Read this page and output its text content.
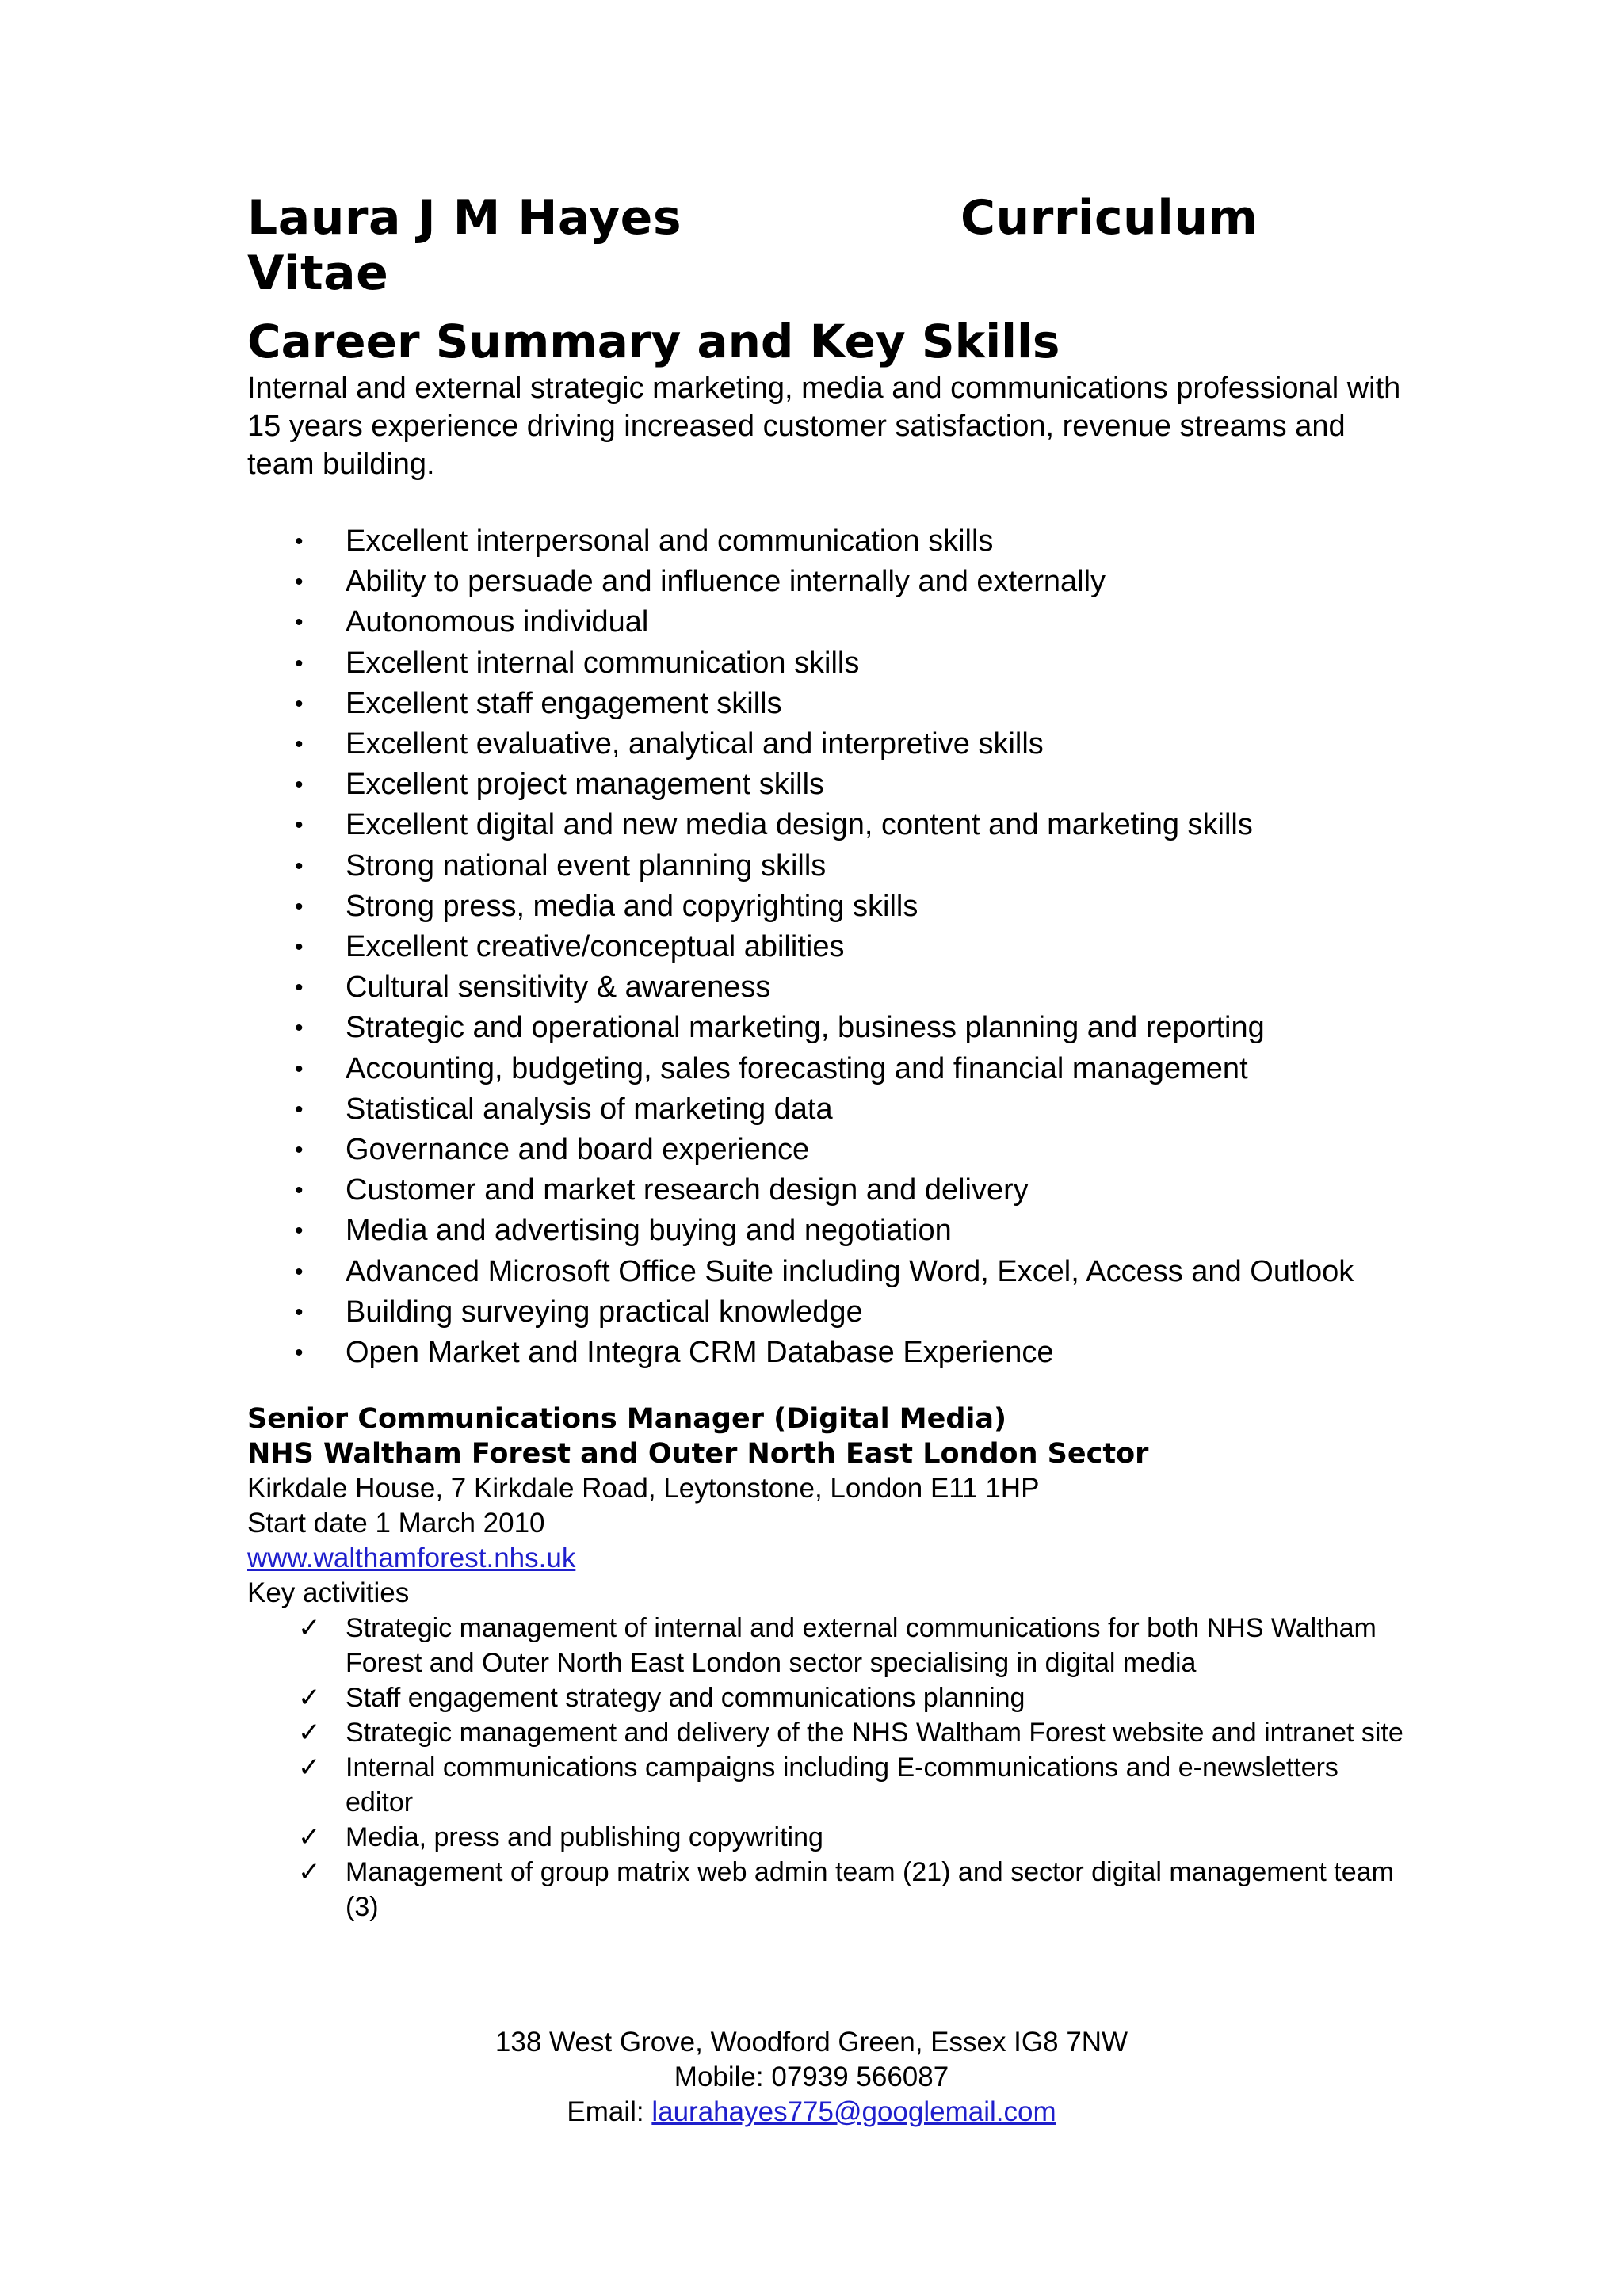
Laura J M Hayes	Curriculum
Vitae
Career Summary and Key Skills

Internal and external strategic marketing, media and communications professional with 15 years experience driving increased customer satisfaction, revenue streams and team building.

• Excellent interpersonal and communication skills
• Ability to persuade and influence internally and externally
• Autonomous individual
• Excellent internal communication skills
• Excellent staff engagement skills
• Excellent evaluative, analytical and interpretive skills
• Excellent project management skills
• Excellent digital and new media design, content and marketing skills
• Strong national event planning skills
• Strong press, media and copyrighting skills
• Excellent creative/conceptual abilities
• Cultural sensitivity & awareness
• Strategic and operational marketing, business planning and reporting
• Accounting, budgeting, sales forecasting and financial management
• Statistical analysis of marketing data
• Governance and board experience
• Customer and market research design and delivery
• Media and advertising buying and negotiation
• Advanced Microsoft Office Suite including Word, Excel, Access and Outlook
• Building surveying practical knowledge
• Open Market and Integra CRM Database Experience
Senior Communications Manager (Digital Media)
NHS Waltham Forest and Outer North East London Sector
Kirkdale House, 7 Kirkdale Road, Leytonstone, London E11 1HP
Start date 1 March 2010
www.walthamforest.nhs.uk
Key activities
✓ Strategic management of internal and external communications for both NHS Waltham Forest and Outer North East London sector specialising in digital media
✓ Staff engagement strategy and communications planning
✓ Strategic management and delivery of the NHS Waltham Forest website and intranet site
✓ Internal communications campaigns including E-communications and e-newsletters editor
✓ Media, press and publishing copywriting
✓ Management of group matrix web admin team (21) and sector digital management team (3)
138 West Grove, Woodford Green, Essex IG8 7NW
Mobile: 07939 566087
Email: laurahayes775@googlemail.com
